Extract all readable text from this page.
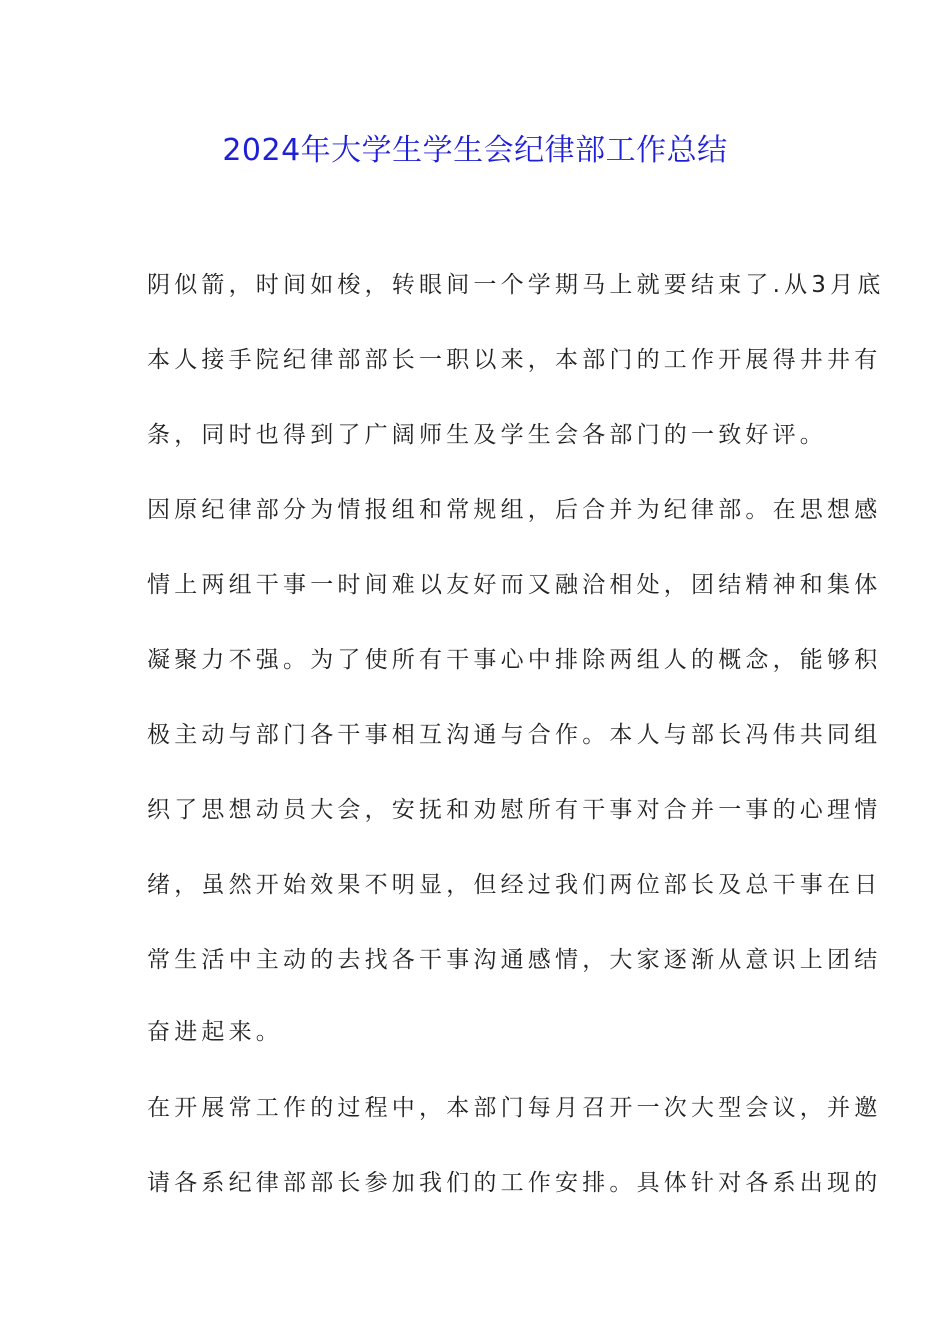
2024年大学生学生会纪律部工作总结
阴似箭，时间如梭，转眼间一个学期马上就要结束了.从3月底
本人接手院纪律部部长一职以来，本部门的工作开展得井井有
条，同时也得到了广阔师生及学生会各部门的一致好评。
因原纪律部分为情报组和常规组，后合并为纪律部。在思想感
情上两组干事一时间难以友好而又融洽相处，团结精神和集体
凝聚力不强。为了使所有干事心中排除两组人的概念，能够积
极主动与部门各干事相互沟通与合作。本人与部长冯伟共同组
织了思想动员大会，安抚和劝慰所有干事对合并一事的心理情
绪，虽然开始效果不明显，但经过我们两位部长及总干事在日
常生活中主动的去找各干事沟通感情，大家逐渐从意识上团结
奋进起来。
在开展常工作的过程中，本部门每月召开一次大型会议，并邀
请各系纪律部部长参加我们的工作安排。具体针对各系出现的
